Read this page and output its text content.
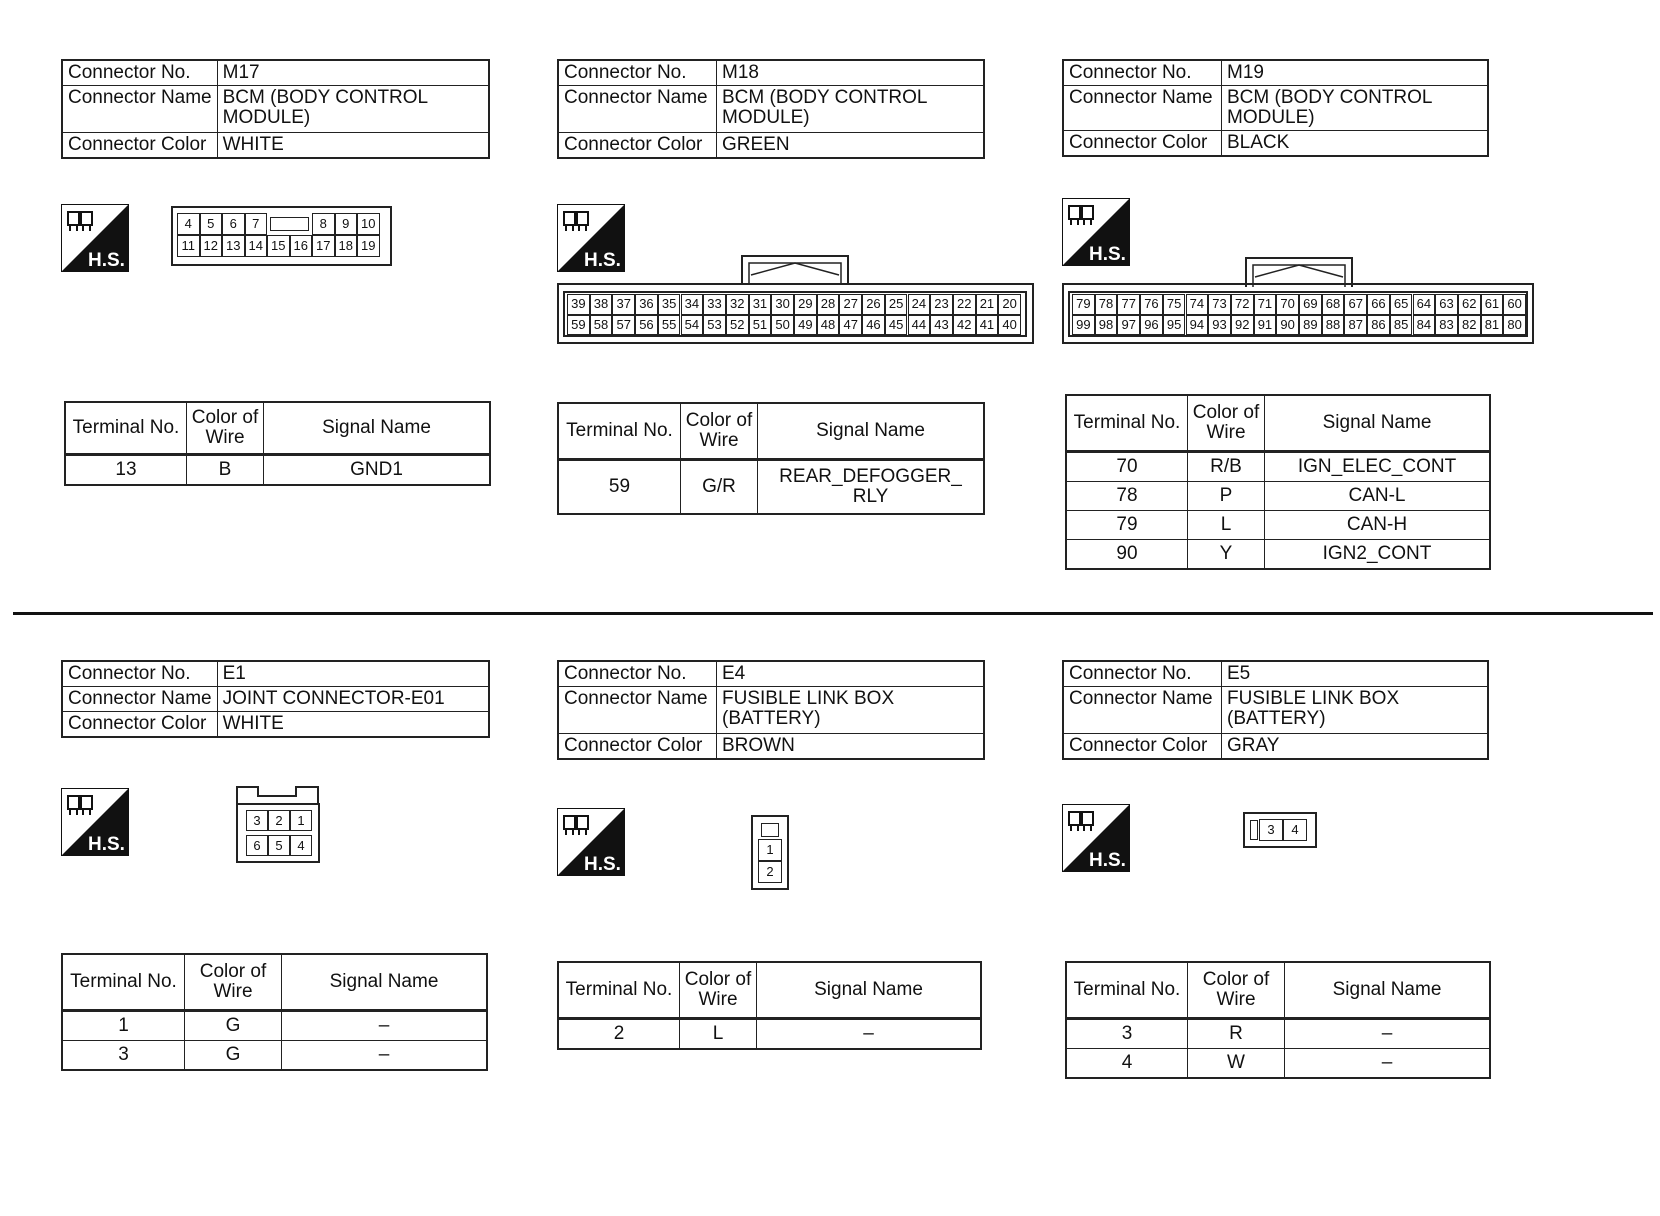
Connector No.	M17
Connector Name	BCM (BODY CONTROL MODULE)
Connector Color	WHITE
Connector No.	M18
Connector Name	BCM (BODY CONTROL MODULE)
Connector Color	GREEN
Connector No.	M19
Connector Name	BCM (BODY CONTROL MODULE)
Connector Color	BLACK
Connector No.	E1
Connector Name	JOINT CONNECTOR-E01
Connector Color	WHITE
Connector No.	E4
Connector Name	FUSIBLE LINK BOX (BATTERY)
Connector Color	BROWN
Connector No.	E5
Connector Name	FUSIBLE LINK BOX (BATTERY)
Connector Color	GRAY
H.S.	H.S.	H.S.
H.S.
H.S.	H.S.
4	5	6	7	8	9 10
11 12 13 14 15 16 17 18 19
39 38 37 36 35 34 33 32 31 30 29 28 27 26 25 24 23 22 21 20
59 58 57 56 55 54 53 52 51 50 49 48 47 46 45 44 43 42 41 40
79 78 77 76 75 74 73 72 71 70 69 68 67 66 65 64 63 62 61 60
99 98 97 96 95 94 93 92 91 90 89 88 87 86 85 84 83 82 81 80
3	2	1
6	5	4	1
2
3	4
Terminal No.	Color of Wire	Signal Name
13	B	GND1
Terminal No.	Color of Wire	Signal Name
59	G/R	REAR_DEFOGGER_ RLY
Terminal No.	Color of Wire	Signal Name
70	R/B	IGN_ELEC_CONT
78	P	CAN-L
79	L	CAN-H
90	Y	IGN2_CONT
Terminal No.	Color of Wire	Signal Name
1	G	–
3	G	–
Terminal No.	Color of Wire	Signal Name
2	L	–
Terminal No.	Color of Wire	Signal Name
3	R	–
4	W	–
